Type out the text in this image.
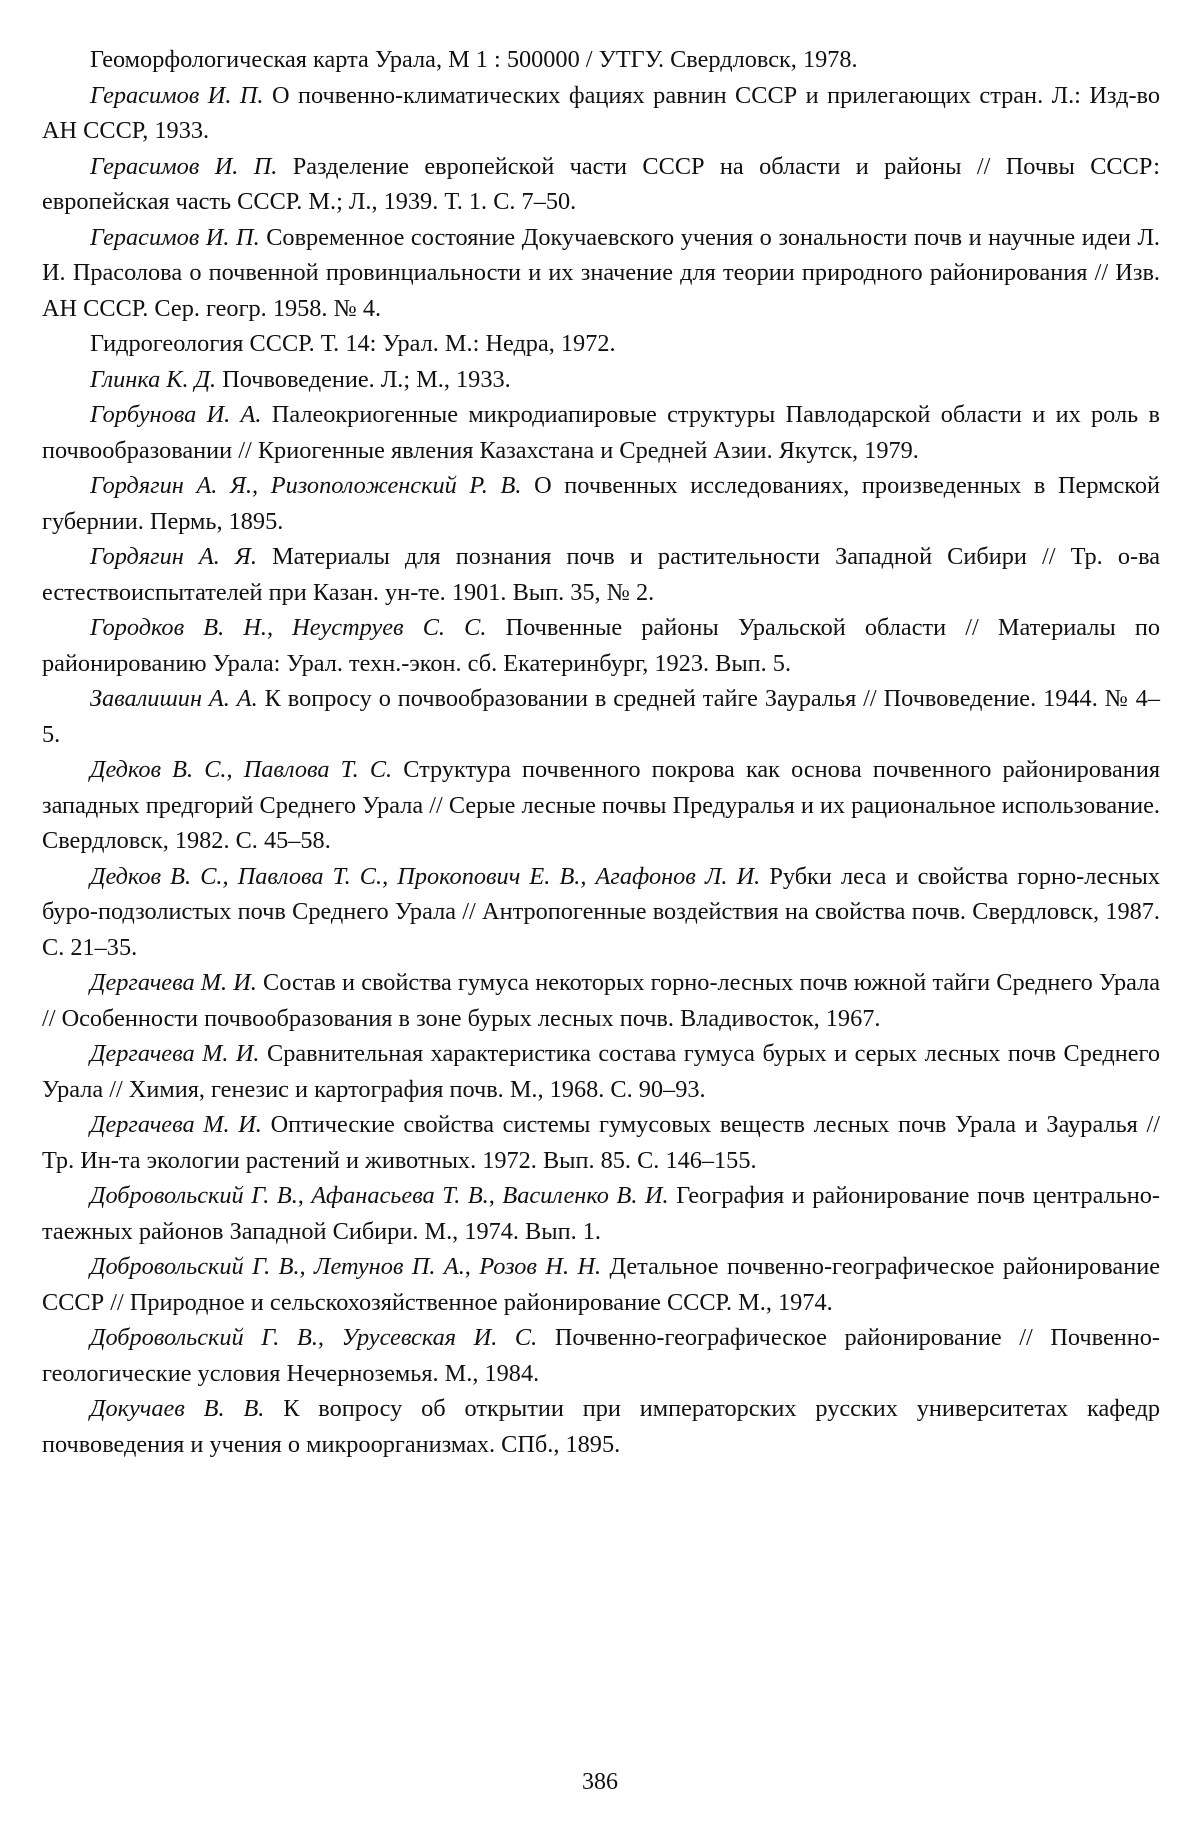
Геоморфологическая карта Урала, М 1 : 500000 / УТГУ. Свердловск, 1978.

Герасимов И. П. О почвенно-климатических фациях равнин СССР и прилегающих стран. Л.: Изд-во АН СССР, 1933.

Герасимов И. П. Разделение европейской части СССР на области и районы // Почвы СССР: европейская часть СССР. М.; Л., 1939. Т. 1. С. 7–50.

Герасимов И. П. Современное состояние Докучаевского учения о зональности почв и научные идеи Л. И. Прасолова о почвенной провинциальности и их значение для теории природного районирования // Изв. АН СССР. Сер. геогр. 1958. № 4.

Гидрогеология СССР. Т. 14: Урал. М.: Недра, 1972.

Глинка К. Д. Почвоведение. Л.; М., 1933.

Горбунова И. А. Палеокриогенные микродиапировые структуры Павлодарской области и их роль в почвообразовании // Криогенные явления Казахстана и Средней Азии. Якутск, 1979.

Гордягин А. Я., Ризоположенский Р. В. О почвенных исследованиях, произведенных в Пермской губернии. Пермь, 1895.

Гордягин А. Я. Материалы для познания почв и растительности Западной Сибири // Тр. о-ва естествоиспытателей при Казан. ун-те. 1901. Вып. 35, № 2.

Городков В. Н., Неуструев С. С. Почвенные районы Уральской области // Материалы по районированию Урала: Урал. техн.-экон. сб. Екатеринбург, 1923. Вып. 5.

Завалишин А. А. К вопросу о почвообразовании в средней тайге Зауралья // Почвоведение. 1944. № 4–5.

Дедков В. С., Павлова Т. С. Структура почвенного покрова как основа почвенного районирования западных предгорий Среднего Урала // Серые лесные почвы Предуралья и их рациональное использование. Свердловск, 1982. С. 45–58.

Дедков В. С., Павлова Т. С., Прокопович Е. В., Агафонов Л. И. Рубки леса и свойства горно-лесных буро-подзолистых почв Среднего Урала // Антропогенные воздействия на свойства почв. Свердловск, 1987. С. 21–35.

Дергачева М. И. Состав и свойства гумуса некоторых горно-лесных почв южной тайги Среднего Урала // Особенности почвообразования в зоне бурых лесных почв. Владивосток, 1967.

Дергачева М. И. Сравнительная характеристика состава гумуса бурых и серых лесных почв Среднего Урала // Химия, генезис и картография почв. М., 1968. С. 90–93.

Дергачева М. И. Оптические свойства системы гумусовых веществ лесных почв Урала и Зауралья // Тр. Ин-та экологии растений и животных. 1972. Вып. 85. С. 146–155.

Добровольский Г. В., Афанасьева Т. В., Василенко В. И. География и районирование почв центрально-таежных районов Западной Сибири. М., 1974. Вып. 1.

Добровольский Г. В., Летунов П. А., Розов Н. Н. Детальное почвенно-географическое районирование СССР // Природное и сельскохозяйственное районирование СССР. М., 1974.

Добровольский Г. В., Урусевская И. С. Почвенно-географическое районирование // Почвенно-геологические условия Нечерноземья. М., 1984.

Докучаев В. В. К вопросу об открытии при императорских русских университетах кафедр почвоведения и учения о микроорганизмах. СПб., 1895.

386
